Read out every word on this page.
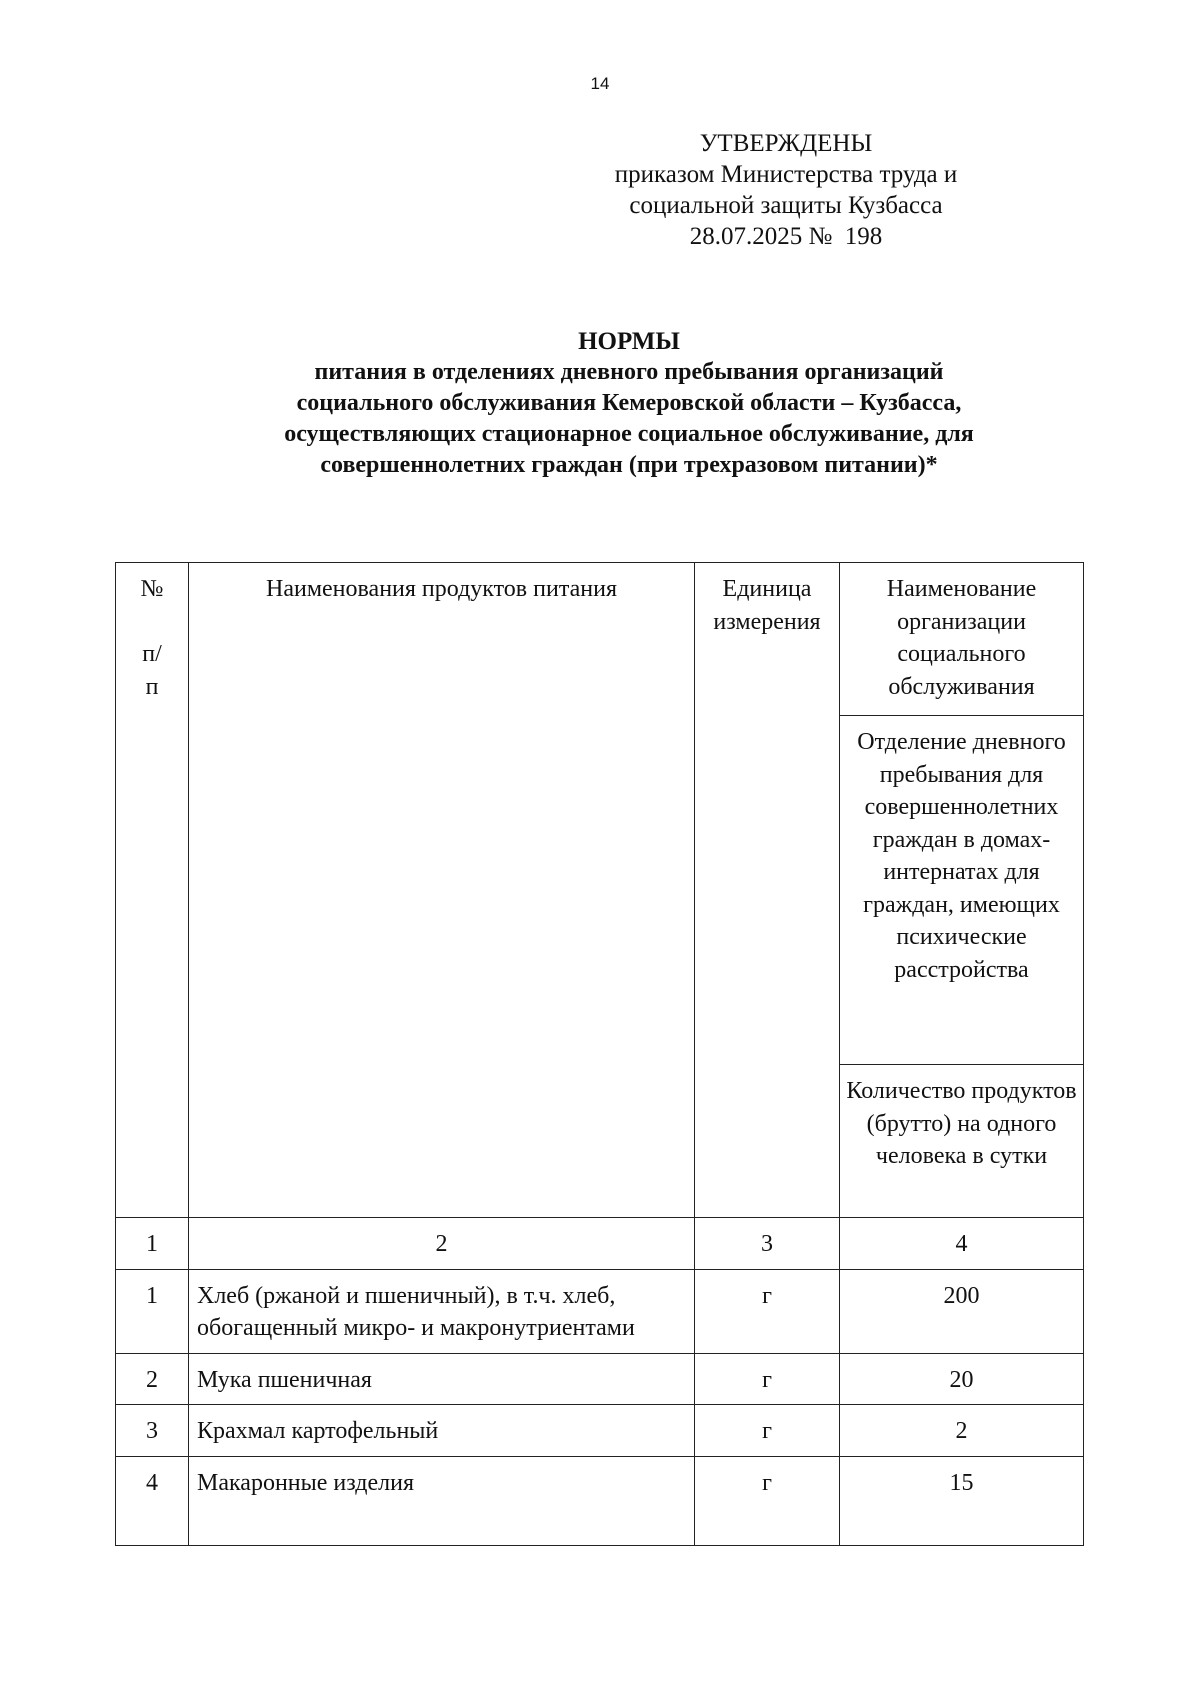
14
УТВЕРЖДЕНЫ
приказом Министерства труда и
социальной защиты Кузбасса
28.07.2025 №  198
НОРМЫ
питания в отделениях дневного пребывания организаций
социального обслуживания Кемеровской области – Кузбасса,
осуществляющих стационарное социальное обслуживание, для
совершеннолетних граждан (при трехразовом питании)*
№

п/
п	Наименования продуктов питания	Единица измерения	Наименование организации социального обслуживания
			Отделение дневного пребывания для совершеннолетних граждан в домах-интернатах для граждан, имеющих психические расстройства
			Количество продуктов (брутто) на одного человека в сутки
1	2	3	4
1	Хлеб (ржаной и пшеничный), в т.ч. хлеб, обогащенный микро- и макронутриентами	г	200
2	Мука пшеничная	г	20
3	Крахмал картофельный	г	2
4	Макаронные изделия	г	15
